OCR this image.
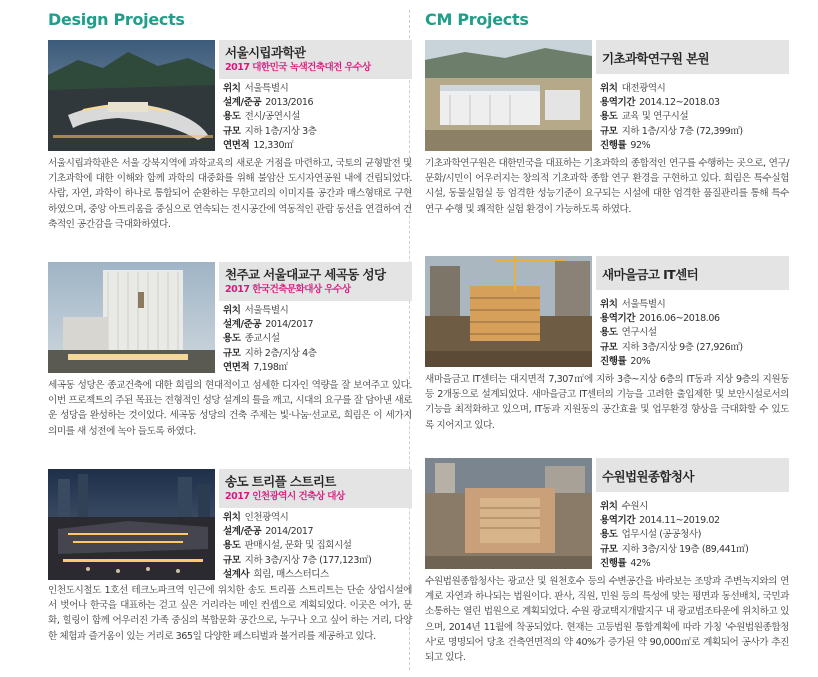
Design Projects	CM Projects
서울시립과학관
2017 대한민국 녹색건축대전 우수상
위치 서울특별시
설계/준공 2013/2016
용도 전시/공연시설
규모 지하 1층/지상 3층
연면적 12,330㎡

서울시립과학관은 서울 강북지역에 과학교육의 새로운 거점을 마련하고, 국토의 균형발전 및 기초과학에 대한 이해와 함께 과학의 대중화를 위해 불암산 도시자연공원 내에 건립되었다. 사람, 자연, 과학이 하나로 통합되어 순환하는 무한고리의 이미지를 공간과 매스형태로 구현하였으며, 중앙 아트리움을 중심으로 연속되는 전시공간에 역동적인 관람 동선을 연결하여 건축적인 공간감을 극대화하였다.

천주교 서울대교구 세곡동 성당
2017 한국건축문화대상 우수상
위치 서울특별시
설계/준공 2014/2017
용도 종교시설
규모 지하 2층/지상 4층
연면적 7,198㎡

세곡동 성당은 종교건축에 대한 희림의 현대적이고 섬세한 디자인 역량을 잘 보여주고 있다. 이번 프로젝트의 주된 목표는 전형적인 성당 설계의 틀을 깨고, 시대의 요구를 잘 담아낸 새로운 성당을 완성하는 것이었다. 세곡동 성당의 건축 주제는 빛·나눔·선교로, 희림은 이 세가지 의미를 새 성전에 녹아 들도록 하였다.

송도 트리플 스트리트
2017 인천광역시 건축상 대상
위치 인천광역시
설계/준공 2014/2017
용도 판매시설, 문화 및 집회시설
규모 지하 3층/지상 7층 (177,123㎡)
설계사 희림, 매스스터디스

인천도시철도 1호선 테크노파크역 인근에 위치한 송도 트리플 스트리트는 단순 상업시설에서 벗어나 한국을 대표하는 걷고 싶은 거리라는 메인 컨셉으로 계획되었다. 이곳은 여가, 문화, 힐링이 함께 어우러진 가족 중심의 복합문화 공간으로, 누구나 오고 싶어 하는 거리, 다양한 체험과 즐거움이 있는 거리로 365일 다양한 페스티벌과 볼거리를 제공하고 있다.

기초과학연구원 본원
위치 대전광역시
용역기간 2014.12~2018.03
용도 교육 및 연구시설
규모 지하 1층/지상 7층 (72,399㎡)
진행률 92%

기초과학연구원은 대한민국을 대표하는 기초과학의 종합적인 연구를 수행하는 곳으로, 연구/문화/시민이 어우러지는 창의적 기초과학 종합 연구 환경을 구현하고 있다. 희림은 특수실험시설, 동물실험실 등 엄격한 성능기준이 요구되는 시설에 대한 엄격한 품질관리를 통해 특수연구 수행 및 쾌적한 실험 환경이 가능하도록 하였다.

새마을금고 IT센터
위치 서울특별시
용역기간 2016.06~2018.06
용도 연구시설
규모 지하 3층/지상 9층 (27,926㎡)
진행률 20%

새마을금고 IT센터는 대지면적 7,307㎡에 지하 3층~지상 6층의 IT동과 지상 9층의 지원동 등 2개동으로 설계되었다. 새마을금고 IT센터의 기능을 고려한 출입제한 및 보안시설로서의 기능을 최적화하고 있으며, IT동과 지원동의 공간효율 및 업무환경 향상을 극대화할 수 있도록 지어지고 있다.

수원법원종합청사
위치 수원시
용역기간 2014.11~2019.02
용도 업무시설 (공공청사)
규모 지하 3층/지상 19층 (89,441㎡)
진행률 42%

수원법원종합청사는 광교산 및 원천호수 등의 수변공간을 바라보는 조망과 주변녹지와의 연계로 자연과 하나되는 법원이다. 판사, 직원, 민원 등의 특성에 맞는 평면과 동선배치, 국민과 소통하는 열린 법원으로 계획되었다. 수원 광교택지개발지구 내 광교법조타운에 위치하고 있으며, 2014년 11월에 착공되었다. 현재는 고등법원 통합계획에 따라 가칭 '수원법원종합청사'로 명명되어 당초 건축연면적의 약 40%가 증가된 약 90,000㎡로 계획되어 공사가 추진되고 있다.
